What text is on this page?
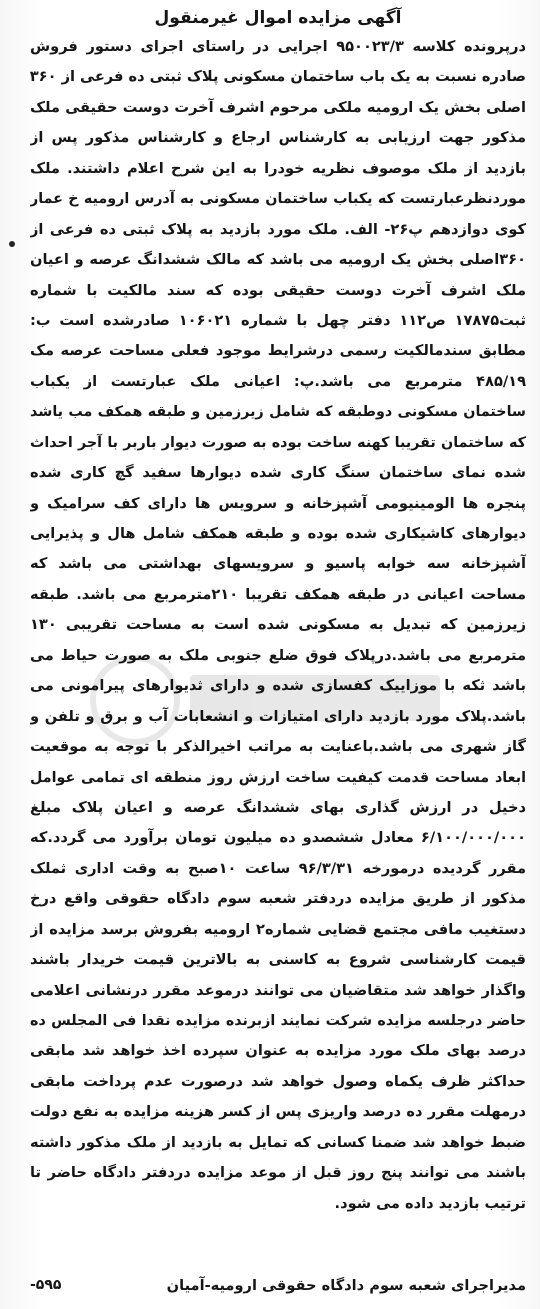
آگهی مزایده اموال غیرمنقول
درپرونده کلاسه ۹۵۰۰۲۳/۳ اجرایی در راستای اجرای دستور فروش
صادره نسبت به یک باب ساختمان مسکونی پلاک ثبتی ده فرعی از ۳۶۰
اصلی بخش یک ارومیه ملکی مرحوم اشرف آخرت دوست حقیقی ملک
مذکور جهت ارزیابی به کارشناس ارجاع و کارشناس مذکور پس از
بازدید از ملک موصوف نظریه خودرا به این شرح اعلام داشتند. ملک
موردنظرعبارتست که یکباب ساختمان مسکونی به آدرس ارومیه خ عمار
کوی دوازدهم پ۲۶- الف. ملک مورد بازدید به پلاک ثبتی ده فرعی از
۳۶۰اصلی بخش یک ارومیه می باشد که مالک ششدانگ عرصه و اعیان
ملک اشرف آخرت دوست حقیقی بوده که سند مالکیت با شماره
ثبت۱۷۸۷۵ ص۱۱۲ دفتر چهل با شماره ۱۰۶۰۲۱ صادرشده است ب:
مطابق سندمالکیت رسمی درشرایط موجود فعلی مساحت عرصه مک
۴۸۵/۱۹ مترمربع می باشد.پ: اعیانی ملک عبارتست از یکباب
ساختمان مسکونی دوطبقه که شامل زیرزمین و طبقه همکف مب یاشد
که ساختمان تقریبا کهنه ساخت بوده به صورت دیوار باربر با آجر احداث
شده نمای ساختمان سنگ کاری شده دیوارها سفید گچ کاری شده
پنجره ها الومینیومی آشپزخانه و سرویس ها دارای کف سرامیک و
دیوارهای کاشیکاری شده بوده و طبقه همکف شامل هال و پذیرایی
آشپزخانه سه خوابه پاسیو و سرویسهای بهداشتی می باشد که
مساحت اعیانی در طبقه همکف تقریبا ۲۱۰مترمربع می باشد. طبقه
زیرزمین که تبدیل به مسکونی شده است به مساحت تقریبی ۱۳۰
مترمربع می باشد.درپلاک فوق ضلع جنوبی ملک به صورت حیاط می
باشد ثکه با موزاییک کفسازی شده و دارای ثدیوارهای پیرامونی می
باشد.پلاک مورد بازدید دارای امتیازات و انشعابات آب و برق و تلفن و
گاز شهری می باشد.باعنایت به مراتب اخیرالذکر با توجه به موقعیت
ابعاد مساحت قدمت کیفیت ساخت ارزش روز منطقه ای تمامی عوامل
دخیل در ارزش گذاری بهای ششدانگ عرصه و اعیان پلاک مبلغ
۶/۱۰۰/۰۰۰/۰۰۰ معادل ششصدو ده میلیون تومان برآورد می گردد.که
مقرر گردیده درمورخه ۹۶/۳/۳۱ ساعت ۱۰صبح به وقت اداری ثملک
مذکور از طریق مزایده دردفتر شعبه سوم دادگاه حقوقی واقع درخ
دستغیب مافی مجتمع قضایی شماره۲ ارومیه بفروش برسد مزایده از
قیمت کارشناسی شروع به کاسنی به بالاترین قیمت خریدار باشند
واگذار خواهد شد متقاضیان می توانند درموعد مقرر درنشانی اعلامی
حاضر درجلسه مزایده شرکت نمایند ازبرنده مزایده نقدا فی المجلس ده
درصد بهای ملک مورد مزایده به عنوان سپرده اخذ خواهد شد مابقی
حداکثر ظرف یکماه وصول خواهد شد درصورت عدم پرداخت مابقی
درمهلت مقرر ده درصد واریزی پس از کسر هزینه مزایده به نفع دولت
ضبط خواهد شد ضمنا کسانی که تمایل به بازدید از ملک مذکور داشته
باشند می توانند پنج روز قبل از موعد مزایده دردفتر دادگاه حاضر تا
ترتیب بازدید داده می شود.
مدیراجرای شعبه سوم دادگاه حقوقی ارومیه-آمیان
-۵۹۵
